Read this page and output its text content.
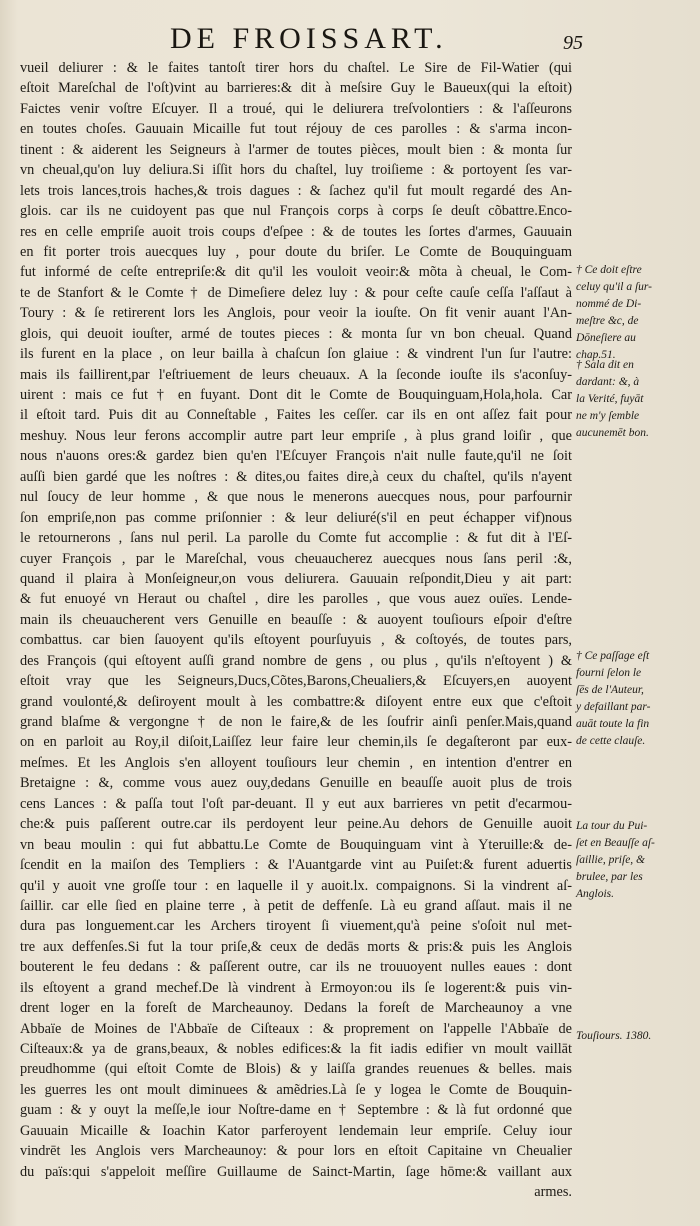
DE FROISSART.	95
vueil deliurer : & le faites tantoſt tirer hors du chaſtel. Le Sire de Fil-Watier (qui
eſtoit Mareſchal de l'oſt)vint au barrieres:& dit à meſsire Guy le Baueux(qui la eſtoit)
Faictes venir voſtre Eſcuyer. Il a troué, qui le deliurera treſvolontiers : & l'aſſeurons
en toutes choſes. Gauuain Micaille fut tout réjouy de ces parolles : & s'arma incon-
tinent : & aiderent les Seigneurs à l'armer de toutes pièces, moult bien : & monta ſur
vn cheual,qu'on luy deliura.Si iſſit hors du chaſtel, luy troiſieme : & portoyent ſes var-
lets trois lances,trois haches,& trois dagues : & ſachez qu'il fut moult regardé des An-
glois. car ils ne cuidoyent pas que nul François corps à corps ſe deuſt cõbattre.Enco-
res en celle empriſe auoit trois coups d'eſpee : & de toutes les ſortes d'armes, Gauuain
en fit porter trois auecques luy , pour doute du briſer. Le Comte de Bouquinguam
fut informé de ceſte entrepriſe:& dit qu'il les vouloit veoir:& mõta à cheual, le Com-
te de Stanfort & le Comte † de Dimeſiere delez luy : & pour ceſte cauſe ceſſa l'aſſaut à
Toury : & ſe retirerent lors les Anglois, pour veoir la iouſte. On fit venir auant l'An-
glois, qui deuoit iouſter, armé de toutes pieces : & monta ſur vn bon cheual. Quand
ils furent en la place , on leur bailla à chaſcun ſon glaiue : & vindrent l'un ſur l'autre:
mais ils faillirent,par l'eſtriuement de leurs cheuaux. A la ſeconde iouſte ils s'aconſuy-
uirent : mais ce fut † en fuyant. Dont dit le Comte de Bouquinguam,Hola,hola. Car
il eſtoit tard. Puis dit au Conneſtable , Faites les ceſſer. car ils en ont aſſez fait pour
meshuy. Nous leur ferons accomplir autre part leur empriſe , à plus grand loiſir , que
nous n'auons ores:& gardez bien qu'en l'Eſcuyer François n'ait nulle faute,qu'il ne ſoit
auſſi bien gardé que les noſtres : & dites,ou faites dire,à ceux du chaſtel, qu'ils n'ayent
nul ſoucy de leur homme , & que nous le menerons auecques nous, pour parfournir
ſon empriſe,non pas comme priſonnier : & leur deliuré(s'il en peut échapper vif)nous
le retournerons , ſans nul peril. La parolle du Comte fut accomplie : & fut dit à l'Eſ-
cuyer François , par le Mareſchal, vous cheuaucherez auecques nous ſans peril :&,
quand il plaira à Monſeigneur,on vous deliurera. Gauuain reſpondit,Dieu y ait part:
& fut enuoyé vn Heraut ou chaſtel , dire les parolles , que vous auez ouïes. Lende-
main ils cheuaucherent vers Genuille en beauſſe : & auoyent touſiours eſpoir d'eſtre
combattus. car bien ſauoyent qu'ils eſtoyent pourſuyuis , & coſtoyés, de toutes pars,
des François (qui eſtoyent auſſi grand nombre de gens , ou plus , qu'ils n'eſtoyent ) &
eſtoit vray que les Seigneurs,Ducs,Cõtes,Barons,Cheualiers,& Eſcuyers,en auoyent
grand voulonté,& deſiroyent moult à les combattre:& diſoyent entre eux que c'eſtoit
grand blaſme & vergongne † de non le faire,& de les ſoufrir ainſi penſer.Mais,quand
on en parloit au Roy,il diſoit,Laiſſez leur faire leur chemin,ils ſe degaſteront par eux-
meſmes. Et les Anglois s'en alloyent touſiours leur chemin , en intention d'entrer en
Bretaigne : &, comme vous auez ouy,dedans Genuille en beauſſe auoit plus de trois
cens Lances : & paſſa tout l'oſt par-deuant. Il y eut aux barrieres vn petit d'ecarmou-
che:& puis paſſerent outre.car ils perdoyent leur peine.Au dehors de Genuille auoit
vn beau moulin : qui fut abbattu.Le Comte de Bouquinguam vint à Yteruille:& de-
ſcendit en la maiſon des Templiers : & l'Auantgarde vint au Puiſet:& furent aduertis
qu'il y auoit vne groſſe tour : en laquelle il y auoit.lx. compaignons. Si la vindrent aſ-
ſaillir. car elle ſied en plaine terre , à petit de deffenſe. Là eu grand aſſaut. mais il ne
dura pas longuement.car les Archers tiroyent ſi viuement,qu'à peine s'oſoit nul met-
tre aux deffenſes.Si fut la tour priſe,& ceux de dedās morts & pris:& puis les Anglois
bouterent le feu dedans : & paſſerent outre, car ils ne trouuoyent nulles eaues : dont
ils eſtoyent a grand mechef.De là vindrent à Ermoyon:ou ils ſe logerent:& puis vin-
drent loger en la foreſt de Marcheaunoy. Dedans la foreſt de Marcheaunoy a vne
Abbaïe de Moines de l'Abbaïe de Ciſteaux : & proprement on l'appelle l'Abbaïe de
Ciſteaux:& ya de grans,beaux, & nobles edifices:& la fit iadis edifier vn moult vaillāt
preudhomme (qui eſtoit Comte de Blois) & y laiſſa grandes reuenues & belles. mais
les guerres les ont moult diminuees & amẽdries.Là ſe y logea le Comte de Bouquin-
guam : & y ouyt la meſſe,le iour Noſtre-dame en † Septembre : & là fut ordonné que
Gauuain Micaille & Ioachin Kator parferoyent lendemain leur empriſe. Celuy iour
vindrēt les Anglois vers Marcheaunoy: & pour lors en eſtoit Capitaine vn Cheualier
du païs:qui s'appeloit meſſire Guillaume de Sainct-Martin, ſage hōme:& vaillant aux
armes.
† Ce doit eſtre
celuy qu'il a ſur-
nommé de Di-
meſtre &c, de
Dōneſiere au
chap.51.
† Sala dit en
dardant: &, à
la Verité, fuyāt
ne m'y ſemble
aucunemēt bon.
† Ce paſſage eſt
fourni ſelon le
ſēs de l'Auteur,
y defaillant par-
auāt toute la fin
de cette clauſe.
La tour du Pui-
ſet en Beauſſe aſ-
ſaillie, priſe, &
brulee, par les
Anglois.
Touſiours. 1380.
